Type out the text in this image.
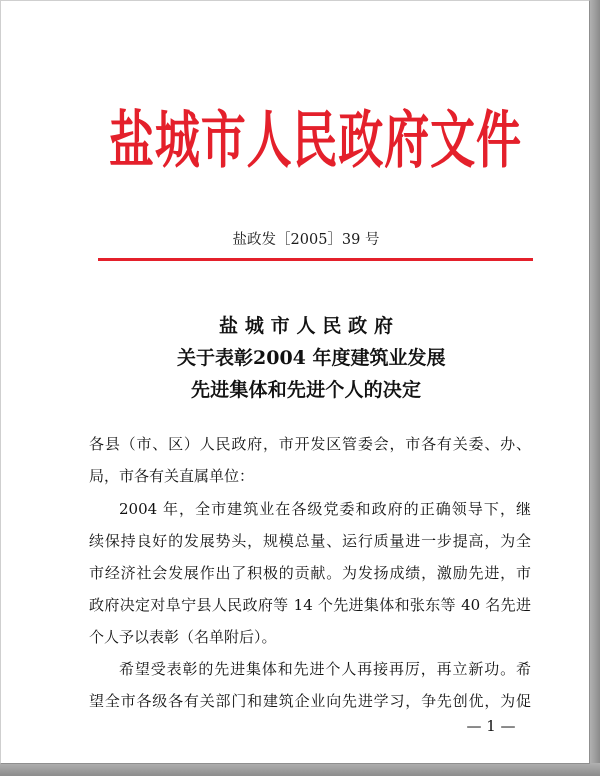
盐城市人民政府文件
盐政发［2005］39 号
盐城市人民政府
关于表彰2004 年度建筑业发展
先进集体和先进个人的决定
各县（市、区）人民政府，市开发区管委会，市各有关委、办、
局，市各有关直属单位：
2004 年，全市建筑业在各级党委和政府的正确领导下，继
续保持良好的发展势头，规模总量、运行质量进一步提高，为全
市经济社会发展作出了积极的贡献。为发扬成绩，激励先进，市
政府决定对阜宁县人民政府等 14 个先进集体和张东等 40 名先进
个人予以表彰（名单附后）。
希望受表彰的先进集体和先进个人再接再厉，再立新功。希
望全市各级各有关部门和建筑企业向先进学习，争先创优，为促
— 1 —
